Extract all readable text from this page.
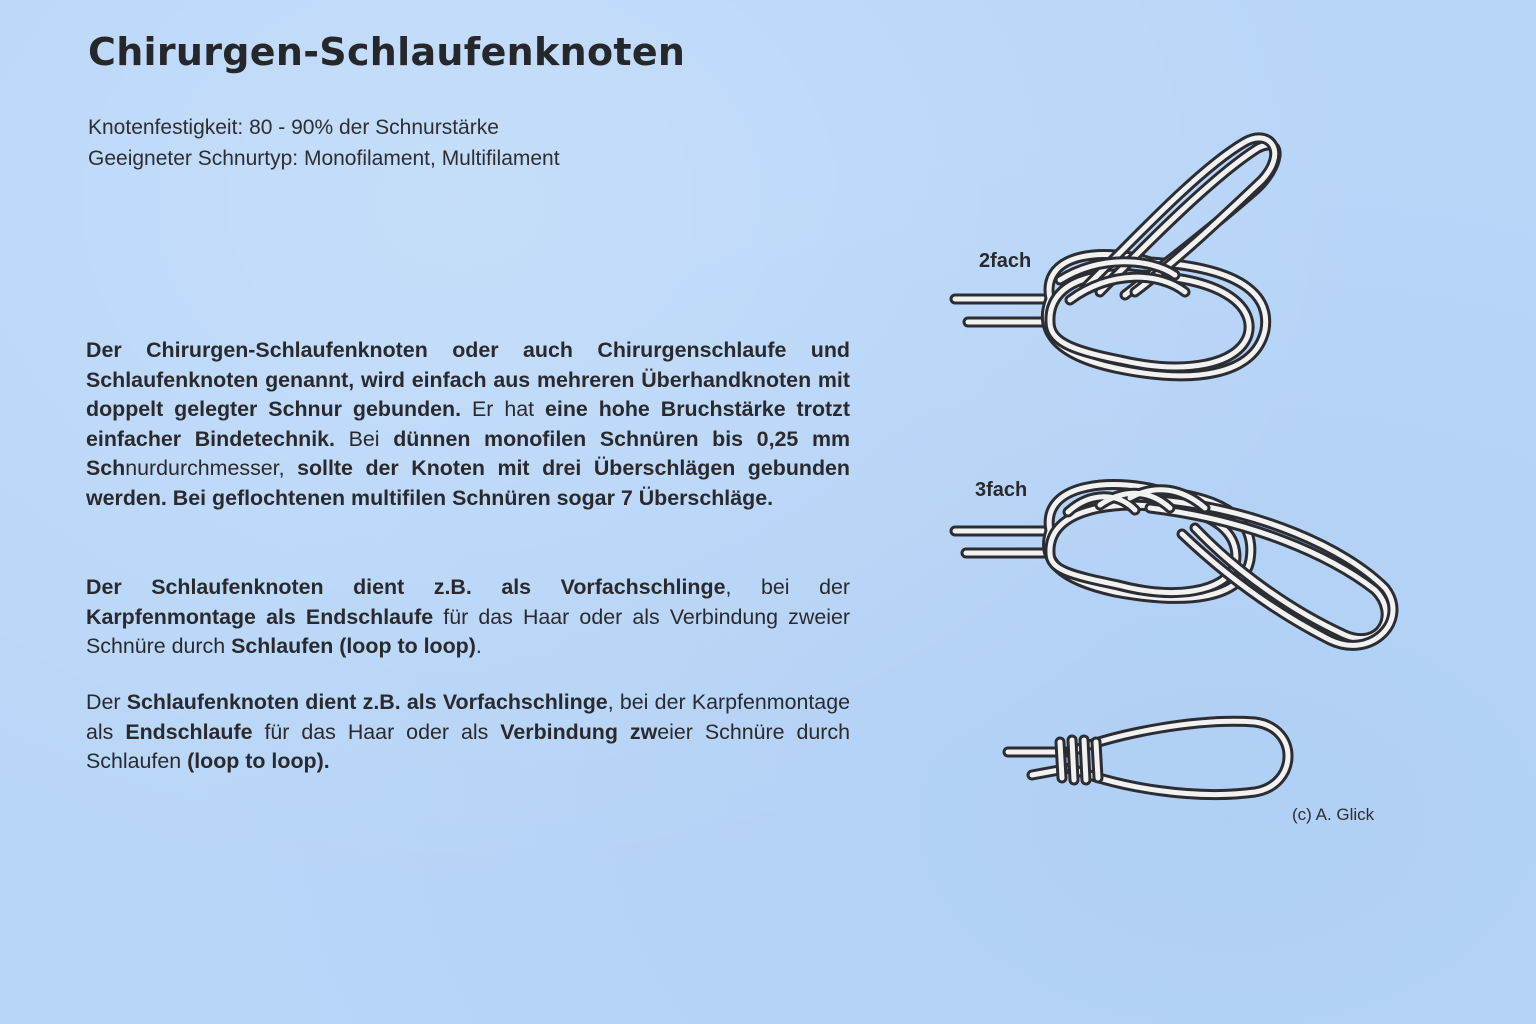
Chirurgen-Schlaufenknoten
Knotenfestigkeit: 80 - 90% der Schnurstärke
Geeigneter Schnurtyp: Monofilament, Multifilament

Der Chirurgen-Schlaufenknoten oder auch Chirurgenschlaufe und Schlaufenknoten genannt, wird einfach aus mehreren Überhandknoten mit doppelt gelegter Schnur gebunden. Er hat eine hohe Bruchstärke trotzt einfacher Bindetechnik. Bei dünnen monofilen Schnüren bis 0,25 mm Schnurdurchmesser, sollte der Knoten mit drei Überschlägen gebunden werden. Bei geflochtenen multifilen Schnüren sogar 7 Überschläge.

Der Schlaufenknoten dient z.B. als Vorfachschlinge, bei der Karpfenmontage als Endschlaufe für das Haar oder als Verbindung zweier Schnüre durch Schlaufen (loop to loop).

Der Schlaufenknoten dient z.B. als Vorfachschlinge, bei der Karpfenmontage als Endschlaufe für das Haar oder als Verbindung zweier Schnüre durch Schlaufen (loop to loop).

2fach
3fach
(c) A. Glick
